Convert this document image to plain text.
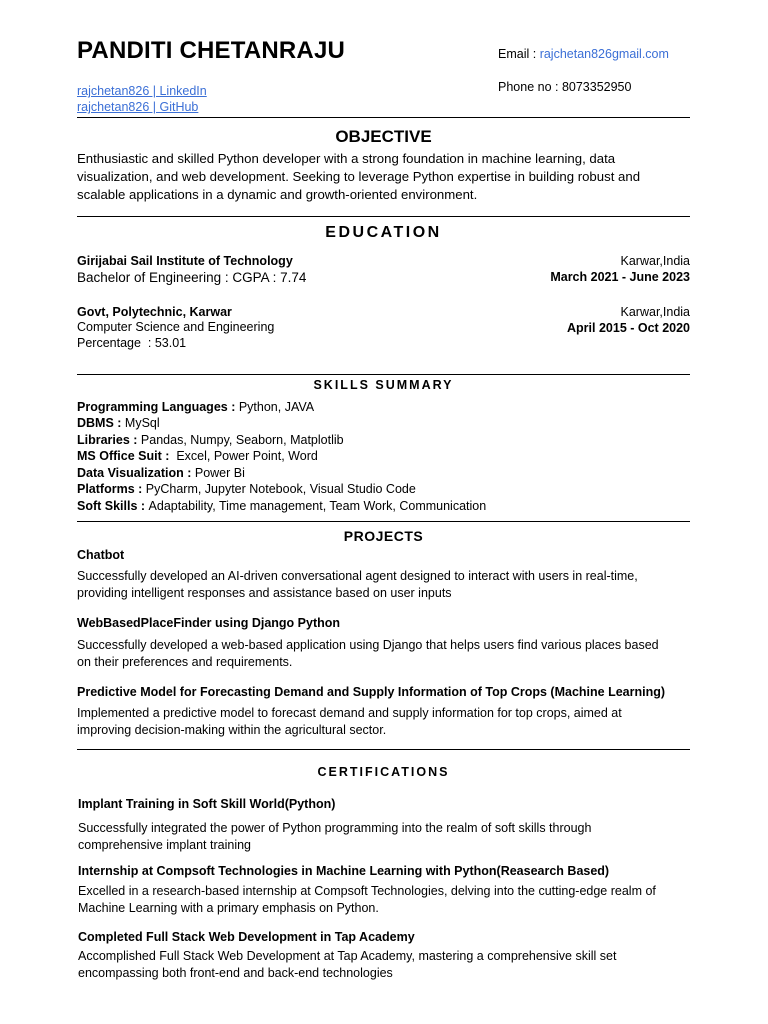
PANDITI CHETANRAJU	Email : rajchetan826gmail.com
Phone no : 8073352950
rajchetan826 | LinkedIn
rajchetan826 | GitHub
OBJECTIVE
Enthusiastic and skilled Python developer with a strong foundation in machine learning, data
visualization, and web development. Seeking to leverage Python expertise in building robust and
scalable applications in a dynamic and growth-oriented environment.
EDUCATION
Girijabai Sail Institute of Technology	Karwar,India
Bachelor of Engineering : CGPA : 7.74	March 2021 - June 2023
Govt, Polytechnic, Karwar	Karwar,India
Computer Science and Engineering	April 2015 - Oct 2020
Percentage  : 53.01
SKILLS SUMMARY
Programming Languages : Python, JAVA
DBMS : MySql
Libraries : Pandas, Numpy, Seaborn, Matplotlib
MS Office Suit :  Excel, Power Point, Word
Data Visualization : Power Bi
Platforms : PyCharm, Jupyter Notebook, Visual Studio Code
Soft Skills : Adaptability, Time management, Team Work, Communication
PROJECTS
Chatbot
Successfully developed an AI-driven conversational agent designed to interact with users in real-time,
providing intelligent responses and assistance based on user inputs
WebBasedPlaceFinder using Django Python
Successfully developed a web-based application using Django that helps users find various places based
on their preferences and requirements.
Predictive Model for Forecasting Demand and Supply Information of Top Crops (Machine Learning)
Implemented a predictive model to forecast demand and supply information for top crops, aimed at
improving decision-making within the agricultural sector.
CERTIFICATIONS
Implant Training in Soft Skill World(Python)
Successfully integrated the power of Python programming into the realm of soft skills through
comprehensive implant training
Internship at Compsoft Technologies in Machine Learning with Python(Reasearch Based)
Excelled in a research-based internship at Compsoft Technologies, delving into the cutting-edge realm of
Machine Learning with a primary emphasis on Python.
Completed Full Stack Web Development in Tap Academy
Accomplished Full Stack Web Development at Tap Academy, mastering a comprehensive skill set
encompassing both front-end and back-end technologies
